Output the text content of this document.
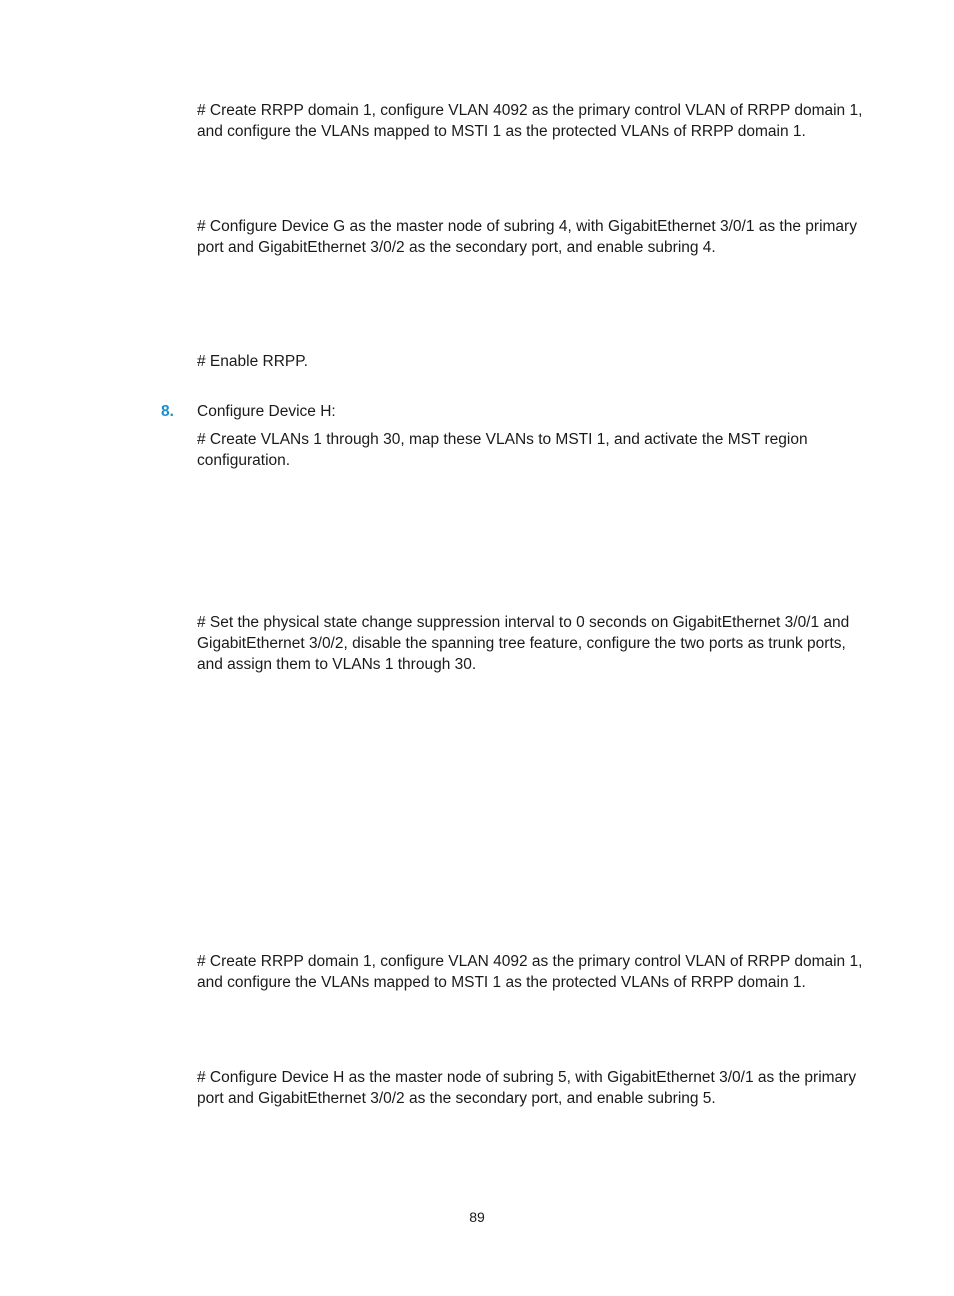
# Create RRPP domain 1, configure VLAN 4092 as the primary control VLAN of RRPP domain 1, and configure the VLANs mapped to MSTI 1 as the protected VLANs of RRPP domain 1.

# Configure Device G as the master node of subring 4, with GigabitEthernet 3/0/1 as the primary port and GigabitEthernet 3/0/2 as the secondary port, and enable subring 4.

# Enable RRPP.

8. Configure Device H:

# Create VLANs 1 through 30, map these VLANs to MSTI 1, and activate the MST region configuration.

# Set the physical state change suppression interval to 0 seconds on GigabitEthernet 3/0/1 and GigabitEthernet 3/0/2, disable the spanning tree feature, configure the two ports as trunk ports, and assign them to VLANs 1 through 30.

# Create RRPP domain 1, configure VLAN 4092 as the primary control VLAN of RRPP domain 1, and configure the VLANs mapped to MSTI 1 as the protected VLANs of RRPP domain 1.

# Configure Device H as the master node of subring 5, with GigabitEthernet 3/0/1 as the primary port and GigabitEthernet 3/0/2 as the secondary port, and enable subring 5.

89
